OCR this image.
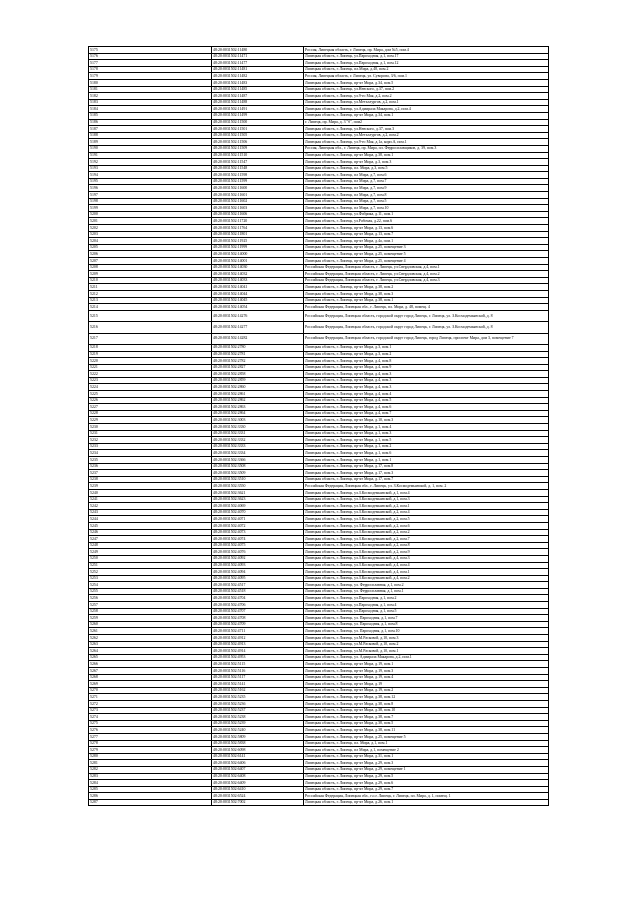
5175	48:20:0031502:11480	Россия, Липецкая область, г. Липецк, пр. Мира, дом №5, пом.4
5176	48:20:0031502:11471	Липецкая область, г. Липецк, ул.Пароходная, д.1, пом.17
5177	48:20:0031502:11477	Липецкая область, г. Липецк, ул.Пароходная, д.1, пом.12
5178	48:20:0031502:11481	Липецкая область, г. Липецк, пл.Мира, д.48, пом.2
5179	48:20:0031502:11482	Россия, Липецкая область, г. Липецк, ул. Суворова, 3/6, пом.1
5180	48:20:0031502:11483	Липецкая область, г. Липецк, пр-кт Мира, д.34, пом.5
5181	48:20:0031502:11485	Липецкая область, г. Липецк, ул.Невского, д.37, пом.2
5182	48:20:0031502:11487	Липецкая область, г. Липецк, ул.9-го Мая, д.2, пом.2
5183	48:20:0031502:11488	Липецкая область, г. Липецк, ул.Металлургов, д.2, пом.1
5184	48:20:0031502:11491	Липецкая область, г. Липецк, ул.Адмирала Макарова, д.2, пом.4
5185	48:20:0031502:11499	Липецкая область, г. Липецк, пр-кт Мира, д.34, пом.1
5186	48:20:0031502:11500	г. Липецк, пр. Мира, д. 3 "б", пом2
5187	48:20:0031502:11501	Липецкая область, г. Липецк, ул.Невского, д.37, пом.3
5188	48:20:0031502:11505	Липецкая область, г. Липецк, ул.Металлургов, д.2, пом.2
5189	48:20:0031502:11506	Липецкая область, г. Липецк, ул.9-го Мая, д.1а, корп.А, пом.1
5190	48:20:0031502:11509	Россия, Липецкая обл., г. Липецк, пр. Мира, пл. Ферросплавщиков, д. 39, пом.3
5191	48:20:0031502:11510	Липецкая область, г. Липецк, пр-кт Мира, д.38, пом.1
5192	48:20:0031502:11547	Липецкая область, г. Липецк, пр-кт Мира, д.3, пом.3
5193	48:20:0031502:11548	Липецкая область, г. Липецк, пл. Мира, д.3, пом.5
5194	48:20:0031502:11598	Липецкая область, г. Липецк, пл Мира, д.7, пом.6
5195	48:20:0031502:11599	Липецкая область, г. Липецк, пл Мира, д.7, пом.7
5196	48:20:0031502:11600	Липецкая область, г. Липецк, пл Мира, д.7, пом.9
5197	48:20:0031502:11601	Липецкая область, г. Липецк, пл Мира, д.7, пом.8
5198	48:20:0031502:11602	Липецкая область, г. Липецк, пл Мира, д.7, пом.5
5199	48:20:0031502:11603	Липецкая область, г. Липецк, пл Мира, д.7, пом.10
5200	48:20:0031502:11606	Липецкая область, г. Липецк, ул.Фабрика, д.11, пом.1
5201	48:20:0031502:11720	Липецкая область, г. Липецк, ул.Рабочая, д.22, пом.6
5202	48:20:0031502:11764	Липецкая область, г. Липецк, пр-кт Мира, д.13, пом.6
5203	48:20:0031502:11801	Липецкая область, г. Липецк, пр-кт Мира, д.13, пом.7
5204	48:20:0031502:11925	Липецкая область, г. Липецк, пр-кт Мира, д.4а, пом.1
5205	48:20:0031502:11999	Липецкая область, г. Липецк, пр-кт Мира, д.25, помещение 3
5206	48:20:0031502:14000	Липецкая область, г. Липецк, пр-кт Мира, д.25, помещение 5
5207	48:20:0031502:14001	Липецкая область, г. Липецк, пр-кт Мира, д.25, помещение 4
5208	48:20:0031502:14030	Российская Федерация, Липецкая область, г. Липецк, ул.Свердловская, д.4, пом.1
5209	48:20:0031502:14032	Российская Федерация, Липецкая область, г. Липецк, ул.Свердловская, д.4, пом.2
5210	48:20:0031502:14033	Российская Федерация, Липецкая область, г. Липецк, ул.Свердловская, д.4, пом.3
5211	48:20:0031502:14041	Липецкая область, г. Липецк, пр-кт Мира, д.38, пом.2
5212	48:20:0031502:14044	Липецкая область, г. Липецк, пр-кт Мира, д.38, пом.3
5213	48:20:0031502:14045	Липецкая область, г. Липецк, пр-кт Мира, д.38, пом.1
5214	48:20:0031502:14054	Российская Федерация, Липецкая обл., г. Липецк, пл. Мира, д. 48, помещ. 4
5215	48:20:0031502:14276	Российская Федерация, Липецкая область, городской округ город Липецк, г. Липецк, ул. З.Космодемьянской, д. 8
5216	48:20:0031502:14277	Российская Федерация, Липецкая область, городской округ город Липецк, г. Липецк, ул. З.Космодемьянской, д. 8
5217	48:20:0031502:14282	Российская Федерация, Липецкая область, городской округ город Липецк, город Липецк, проспект Мира, дом 3, помещение 7
5218	48:20:0031502:2780	Липецкая область, г. Липецк, пр-кт Мира, д.3, пом.1
5219	48:20:0031502:2781	Липецкая область, г. Липецк, пр-кт Мира, д.3, пом.2
5220	48:20:0031502:2782	Липецкая область, г. Липецк, пр-кт Мира, д.4, пом.8
5221	48:20:0031502:2827	Липецкая область, г. Липецк, пр-кт Мира, д.4, пом.9
5222	48:20:0031502:2858	Липецкая область, г. Липецк, пр-кт Мира, д.4, пом.3
5223	48:20:0031502:2859	Липецкая область, г. Липецк, пр-кт Мира, д.4, пом.3
5224	48:20:0031502:2860	Липецкая область, г. Липецк, пр-кт Мира, д.4, пом.3
5225	48:20:0031502:2861	Липецкая область, г. Липецк, пр-кт Мира, д.4, пом.4
5226	48:20:0031502:2862	Липецкая область, г. Липецк, пр-кт Мира, д.4, пом.5
5227	48:20:0031502:2863	Липецкая область, г. Липецк, пр-кт Мира, д.4, пом.6
5228	48:20:0031502:2864	Липецкая область, г. Липецк, пр-кт Мира, д.4, пом.7
5229	48:20:0031502:3003	Липецкая область, г. Липецк, пр-кт Мира, д.10, пом.3
5230	48:20:0031502:3330	Липецкая область, г. Липецк, пр-кт Мира, д.1, пом.4
5231	48:20:0031502:3331	Липецкая область, г. Липецк, пр-кт Мира, д.1, пом.3
5232	48:20:0031502:3332	Липецкая область, г. Липецк, пр-кт Мира, д.1, пом.5
5233	48:20:0031502:3333	Липецкая область, г. Липецк, пр-кт Мира, д.1, пом.2
5234	48:20:0031502:3334	Липецкая область, г. Липецк, пр-кт Мира, д.1, пом.6
5235	48:20:0031502:3366	Липецкая область, г. Липецк, пр-кт Мира, д.1, пом.1
5236	48:20:0031502:3508	Липецкая область, г. Липецк, пр-кт Мира, д.17, пом.8
5237	48:20:0031502:3509	Липецкая область, г. Липецк, пр-кт Мира, д.17, пом.3
5238	48:20:0031502:3510	Липецкая область, г. Липецк, пр-кт Мира, д.17, пом.7
5239	48:20:0031502:3550	Российская Федерация, Липецкая обл., г. Липецк, ул. З.Космодемьянской, д. 1, пом. 2
5240	48:20:0031502:3621	Липецкая область, г. Липецк, ул.З.Космодемьянской, д.1, пом.4
5241	48:20:0031502:3623	Липецкая область, г. Липецк, ул.З.Космодемьянской, д.1, пом.3
5242	48:20:0031502:4069	Липецкая область, г. Липецк, ул.З.Космодемьянской, д.2, пом.1
5243	48:20:0031502:4070	Липецкая область, г. Липецк, ул.З.Космодемьянской, д.2, пом.4
5244	48:20:0031502:4071	Липецкая область, г. Липецк, ул.З.Космодемьянской, д.2, пом.5
5245	48:20:0031502:4072	Липецкая область, г. Липецк, ул.З.Космодемьянской, д.2, пом.6
5246	48:20:0031502:4073	Липецкая область, г. Липецк, ул.З.Космодемьянской, д.2, пом.2
5247	48:20:0031502:4074	Липецкая область, г. Липецк, ул.З.Космодемьянской, д.2, пом.7
5248	48:20:0031502:4075	Липецкая область, г. Липецк, ул.З.Космодемьянской, д.2, пом.8
5249	48:20:0031502:4076	Липецкая область, г. Липецк, ул.З.Космодемьянской, д.2, пом.9
5250	48:20:0031502:4092	Липецкая область, г. Липецк, ул.З.Космодемьянской, д.4, пом.3
5251	48:20:0031502:4093	Липецкая область, г. Липецк, ул.З.Космодемьянской, д.4, пом.4
5252	48:20:0031502:4094	Липецкая область, г. Липецк, ул.З.Космодемьянской, д.4, пом.1
5253	48:20:0031502:4095	Липецкая область, г. Липецк, ул.З.Космодемьянской, д.4, пом.2
5254	48:20:0031502:4517	Липецкая область, г. Липецк, ул. Ферросплавная, д.1, пом.2
5255	48:20:0031502:4518	Липецкая область, г. Липецк, ул. Ферросплавная, д.1, пом.1
5256	48:20:0031502:4704	Липецкая область, г. Липецк, ул.Пароходная, д.1, пом.2
5257	48:20:0031502:4706	Липецкая область, г. Липецк, ул.Пароходная, д.1, пом.4
5258	48:20:0031502:4707	Липецкая область, г. Липецк, ул.Пароходная, д.1, пом.5
5259	48:20:0031502:4708	Липецкая область, г. Липецк, ул. Пароходная, д.1, пом.7
5260	48:20:0031502:4709	Липецкая область, г. Липецк, ул. Пароходная, д.1, пом.8
5261	48:20:0031502:4711	Липецкая область, г. Липецк, ул. Пароходная, д.1, пом.10
5262	48:20:0031502:4912	Липецкая область, г. Липецк, ул.М.Расковой, д.10, пом.3
5263	48:20:0031502:4913	Липецкая область, г. Липецк, ул.М.Расковой, д.10, пом.2
5264	48:20:0031502:4914	Липецкая область, г. Липецк, ул.М.Расковой, д.10, пом.1
5265	48:20:0031502:4953	Липецкая область, г. Липецк, ул. Адмирала Макарова, д.2, пом.1
5266	48:20:0031502:5115	Липецкая область, г. Липецк, пр-кт Мира, д.19, пом.1
5267	48:20:0031502:5116	Липецкая область, г. Липецк, пр-кт Мира, д.19, пом.3
5268	48:20:0031502:5117	Липецкая область, г. Липецк, пр-кт Мира, д.19, пом.4
5269	48:20:0031502:5141	Липецкая область, г. Липецк, пр-кт Мира, д.19
5270	48:20:0031502:5162	Липецкая область, г. Липецк, пр-кт Мира, д.19, пом.2
5271	48:20:0031502:5235	Липецкая область, г. Липецк, пр-кт Мира, д.38, пом.12
5272	48:20:0031502:5236	Липецкая область, г. Липецк, пр-кт Мира, д.38, пом.8
5273	48:20:0031502:5237	Липецкая область, г. Липецк, пр-кт Мира, д.38, пом.10
5274	48:20:0031502:5238	Липецкая область, г. Липецк, пр-кт Мира, д.38, пом.7
5275	48:20:0031502:5239	Липецкая область, г. Липецк, пр-кт Мира, д.38, пом.5
5276	48:20:0031502:5240	Липецкая область, г. Липецк, пр-кт Мира, д.38, пом.11
5277	48:20:0031502:5809	Липецкая область, г. Липецк, пр-кт Мира, д.25, помещение 5
5278	48:20:0031502:5838	Липецкая область, г. Липецк, пл. Мира, д.1, пом.1
5279	48:20:0031502:6098	Липецкая область, г. Липецк, пл Мира, д.1, помещение 2
5280	48:20:0031502:6141	Липецкая область, г. Липецк, пр-кт Мира, д.31, пом.1
5281	48:20:0031502:6406	Липецкая область, г. Липецк, пр-кт Мира, д.29, пом.3
5282	48:20:0031502:6407	Липецкая область, г. Липецк, пр-кт Мира, д.29, помещение 1
5283	48:20:0031502:6408	Липецкая область, г. Липецк, пр-кт Мира, д.29, пом.5
5284	48:20:0031502:6409	Липецкая область, г. Липецк, пр-кт Мира, д.29, пом.6
5285	48:20:0031502:6410	Липецкая область, г. Липецк, пр-кт Мира, д.29, пом.7
5286	48:20:0031502:6524	Российская Федерация, Липецкая обл., г.о.г. Липецк, г. Липецк, пл. Мира, д. 1, помещ. 1
5287	48:20:0031502:7002	Липецкая область, г. Липецк, пр-кт Мира, д.26, пом.1
